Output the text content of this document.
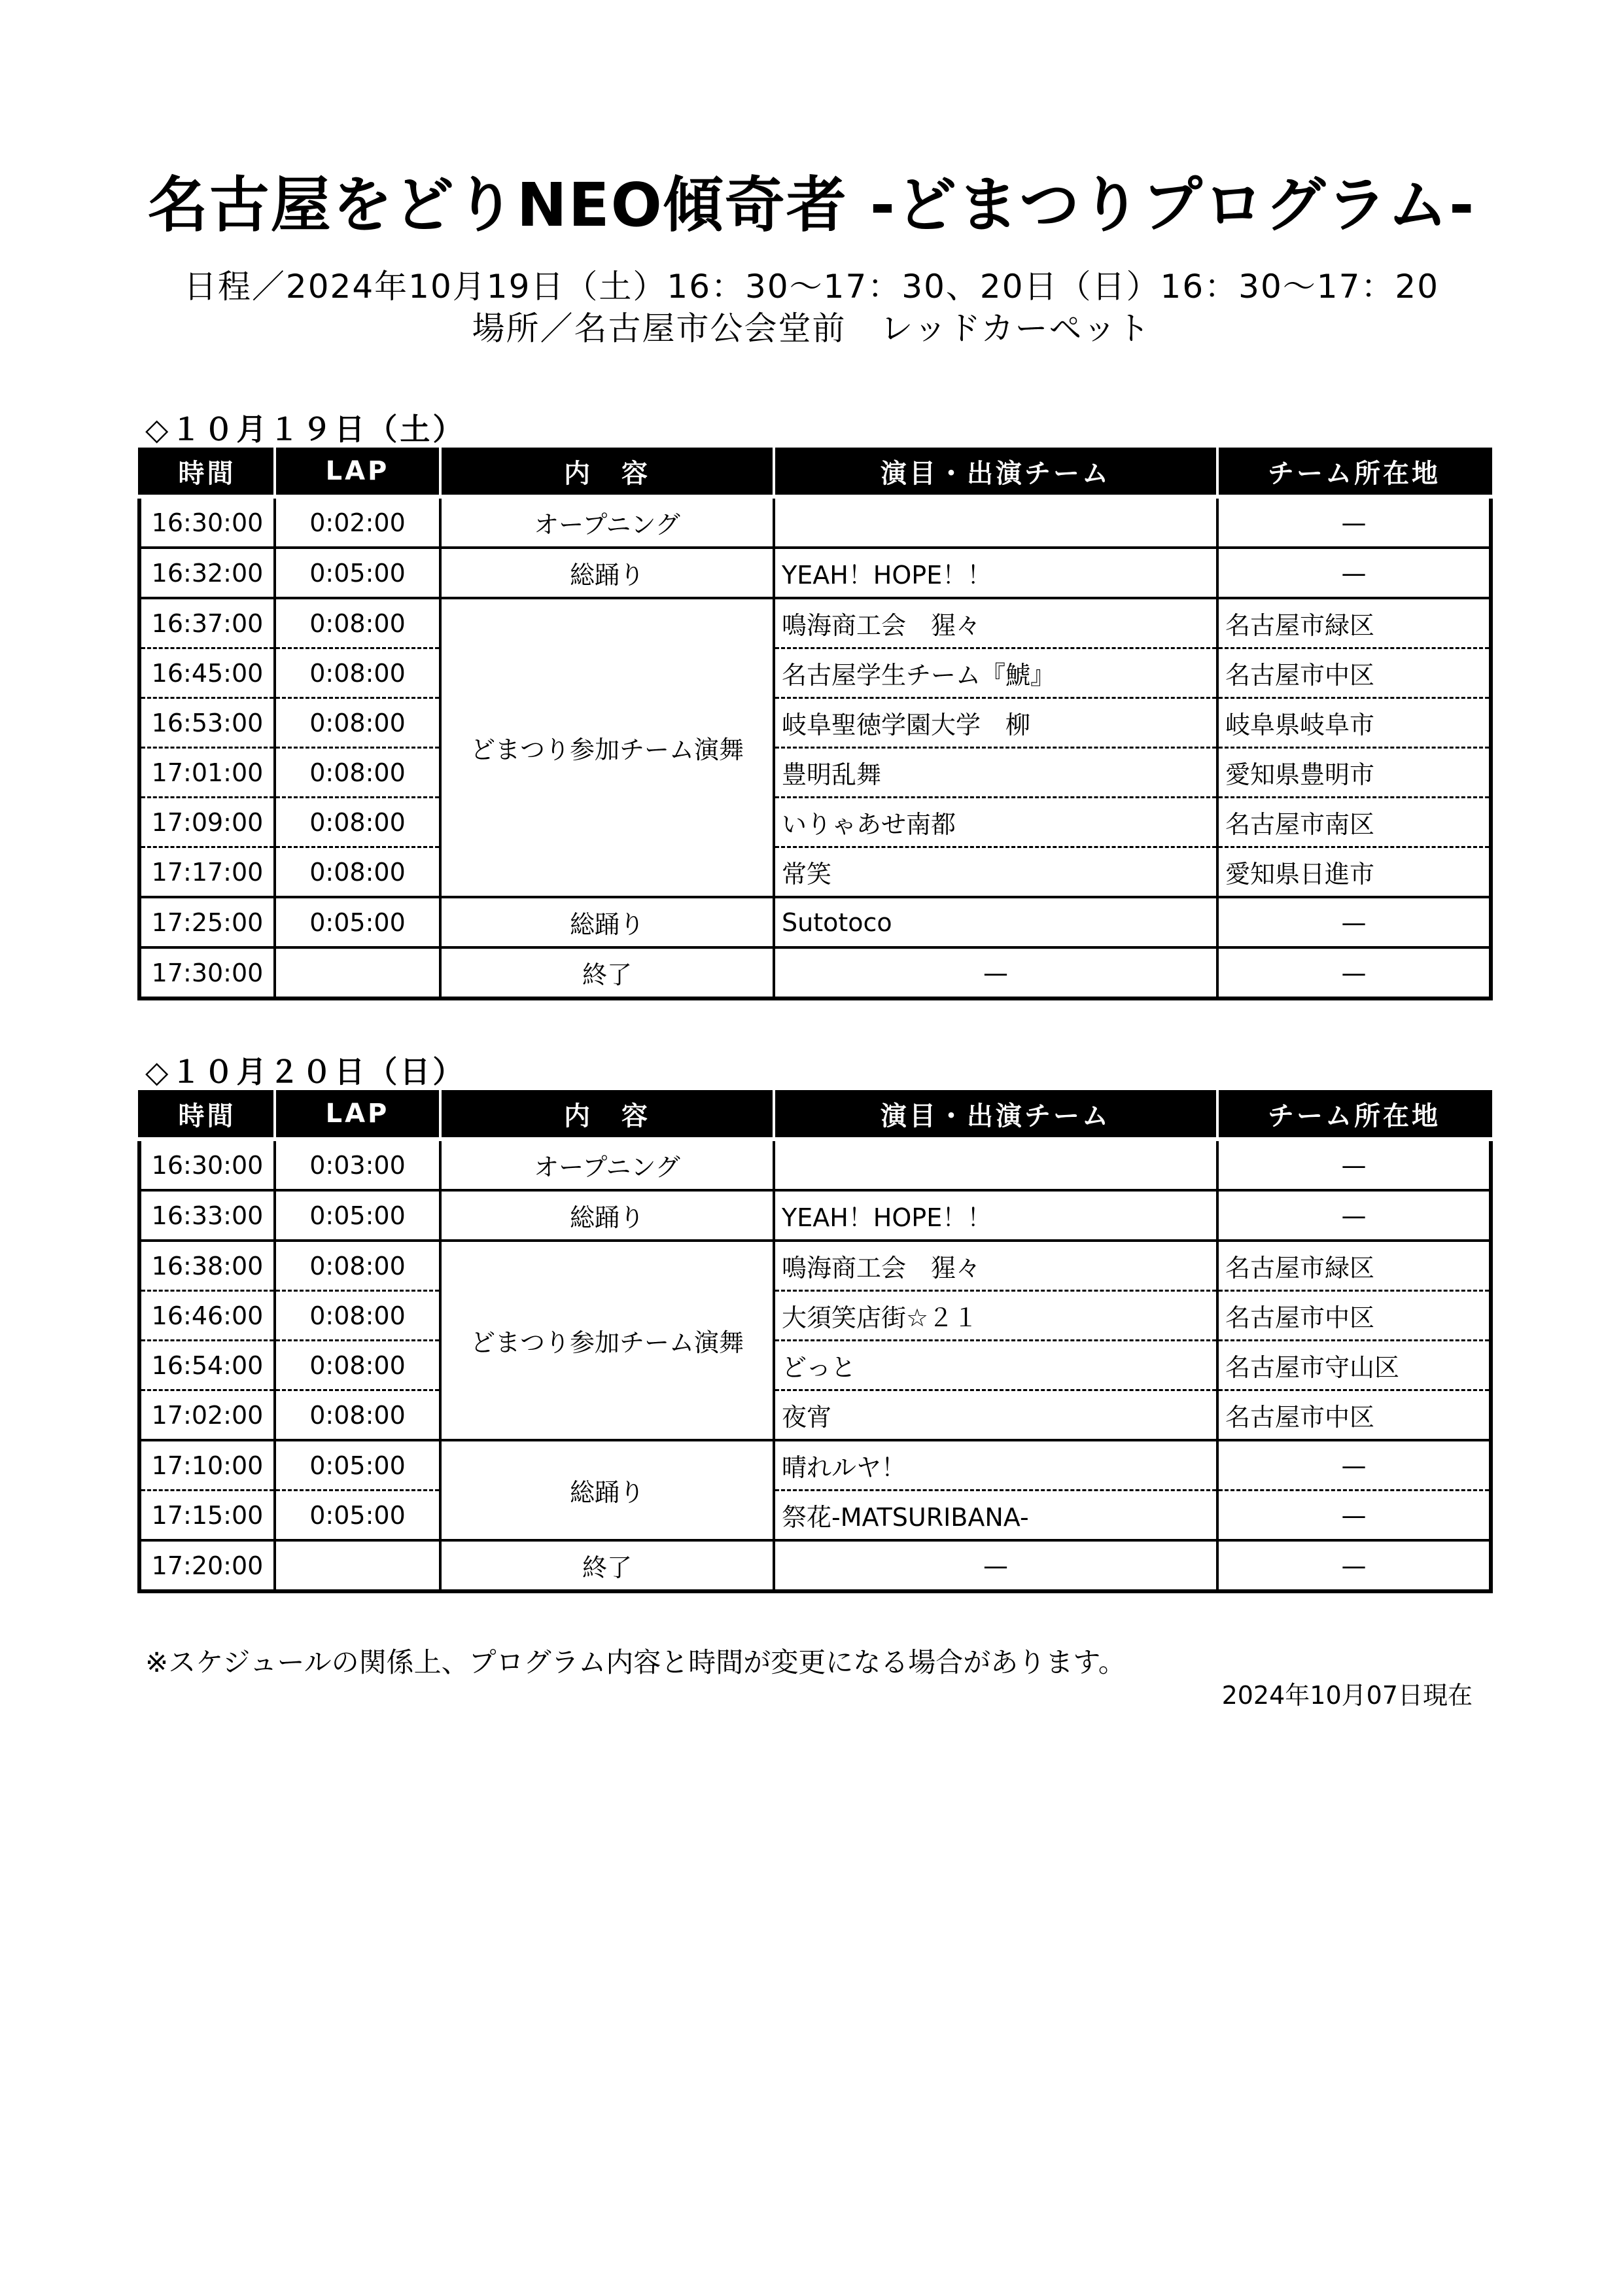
名古屋をどりNEO傾奇者 -どまつりプログラム-
日程／2024年10月19日（土）16：30～17：30、20日（日）16：30～17：20
場所／名古屋市公会堂前　レッドカーペット
◇１０月１９日（土）
時間	LAP	内　容	演目・出演チーム	チーム所在地
16:30:00	0:02:00	オープニング		—
16:32:00	0:05:00	総踊り	YEAH！HOPE！！	—
16:37:00	0:08:00	どまつり参加チーム演舞	鳴海商工会　猩々	名古屋市緑区
16:45:00	0:08:00		名古屋学生チーム『鯱』	名古屋市中区
16:53:00	0:08:00		岐阜聖徳学園大学　柳	岐阜県岐阜市
17:01:00	0:08:00		豊明乱舞	愛知県豊明市
17:09:00	0:08:00		いりゃあせ南都	名古屋市南区
17:17:00	0:08:00		常笑	愛知県日進市
17:25:00	0:05:00	総踊り	Sutotoco	—
17:30:00		終了	—	—
◇１０月２０日（日）
時間	LAP	内　容	演目・出演チーム	チーム所在地
16:30:00	0:03:00	オープニング		—
16:33:00	0:05:00	総踊り	YEAH！HOPE！！	—
16:38:00	0:08:00	どまつり参加チーム演舞	鳴海商工会　猩々	名古屋市緑区
16:46:00	0:08:00		大須笑店街☆２１	名古屋市中区
16:54:00	0:08:00		どっと	名古屋市守山区
17:02:00	0:08:00		夜宵	名古屋市中区
17:10:00	0:05:00	総踊り	晴れルヤ！	—
17:15:00	0:05:00		祭花-MATSURIBANA-	—
17:20:00		終了	—	—
※スケジュールの関係上、プログラム内容と時間が変更になる場合があります。
2024年10月07日現在
